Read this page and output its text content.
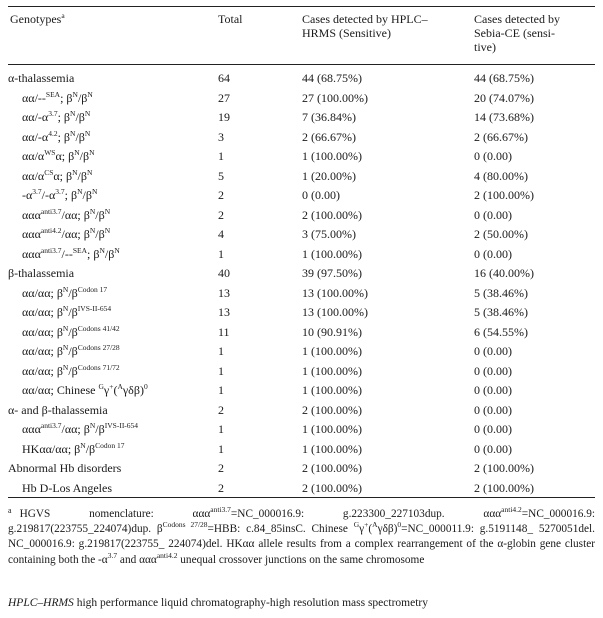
Genotypes$^a$	Total	Cases detected by HPLC–
HRMS (Sensitive)
Cases detected by
Sebia-CE (sensi-
tive)
α-thalassemia	64	44 (68.75%)	44 (68.75%)
αα/--$^{SEA}$; $\beta^N/\beta^N$	27	27 (100.00%)	20 (74.07%)
$\alpha\alpha/-\alpha^{3.7}$; $\beta^N/\beta^N$	19	7 (36.84%)	14 (73.68%)
$\alpha\alpha/-\alpha^{4.2}$; $\beta^N/\beta^N$	3	2 (66.67%)	2 (66.67%)
$\alpha\alpha/\alpha^{WS}\alpha$; $\beta^N/\beta^N$	1	1 (100.00%)	0 (0.00)
$\alpha\alpha/\alpha^{CS}\alpha$; $\beta^N/\beta^N$	5	1 (20.00%)	4 (80.00%)
$-\alpha^{3.7}/-\alpha^{3.7}$; $\beta^N/\beta^N$	2	0 (0.00)	2 (100.00%)
ααα$^{anti3.7}$/αα; $\beta^N/\beta^N$	2	2 (100.00%)	0 (0.00)
ααα$^{anti4.2}$/αα; $\beta^N/\beta^N$	4	3 (75.00%)	2 (50.00%)
ααα$^{anti3.7}$/--$^{SEA}$; $\beta^N/\beta^N$	1	1 (100.00%)	0 (0.00)
β-thalassemia	40	39 (97.50%)	16 (40.00%)
αα/αα; $\beta^N/\beta^{Codon 17}$	13	13 (100.00%)	5 (38.46%)
αα/αα; $\beta^N/\beta^{IVS-II-654}$	13	13 (100.00%)	5 (38.46%)
αα/αα; $\beta^N/\beta^{Codons 41/42}$	11	10 (90.91%)	6 (54.55%)
αα/αα; $\beta^N/\beta^{Codons 27/28}$	1	1 (100.00%)	0 (0.00)
αα/αα; $\beta^N/\beta^{Codons 71/72}$	1	1 (100.00%)	0 (0.00)
αα/αα; Chinese $^G\gamma^+(^A\gamma\delta\beta)^0$	1	1 (100.00%)	0 (0.00)
α- and β-thalassemia	2	2 (100.00%)	0 (0.00)
ααα$^{anti3.7}$/αα; $\beta^N/\beta^{IVS-II-654}$	1	1 (100.00%)	0 (0.00)
HKαα/αα; $\beta^N/\beta^{Codon 17}$	1	1 (100.00%)	0 (0.00)
Abnormal Hb disorders	2	2 (100.00%)	2 (100.00%)
Hb D-Los Angeles	2	2 (100.00%)	2 (100.00%)
$^a$ HGVS nomenclature: ααα$^{anti3.7}$=NC_000016.9: g.223300_227103dup. ααα$^{anti4.2}$=NC_000016.9: g.219817(223755_224074)dup. $\beta^{Codons 27/28}=HBB$: c.84_85insC. Chinese $^G\gamma^+(^A\gamma\delta\beta)^0=NC\_000011.9$: g.5191148_ 5270051del. NC_000016.9: g.219817(223755_ 224074)del. HKαα allele results from a complex rearrangement of the α-globin gene cluster containing both the $-\alpha^{3.7}$ and ααα$^{anti4.2}$ unequal crossover junctions on the same chromosome
HPLC–HRMS high performance liquid chromatography-high resolution mass spectrometry
